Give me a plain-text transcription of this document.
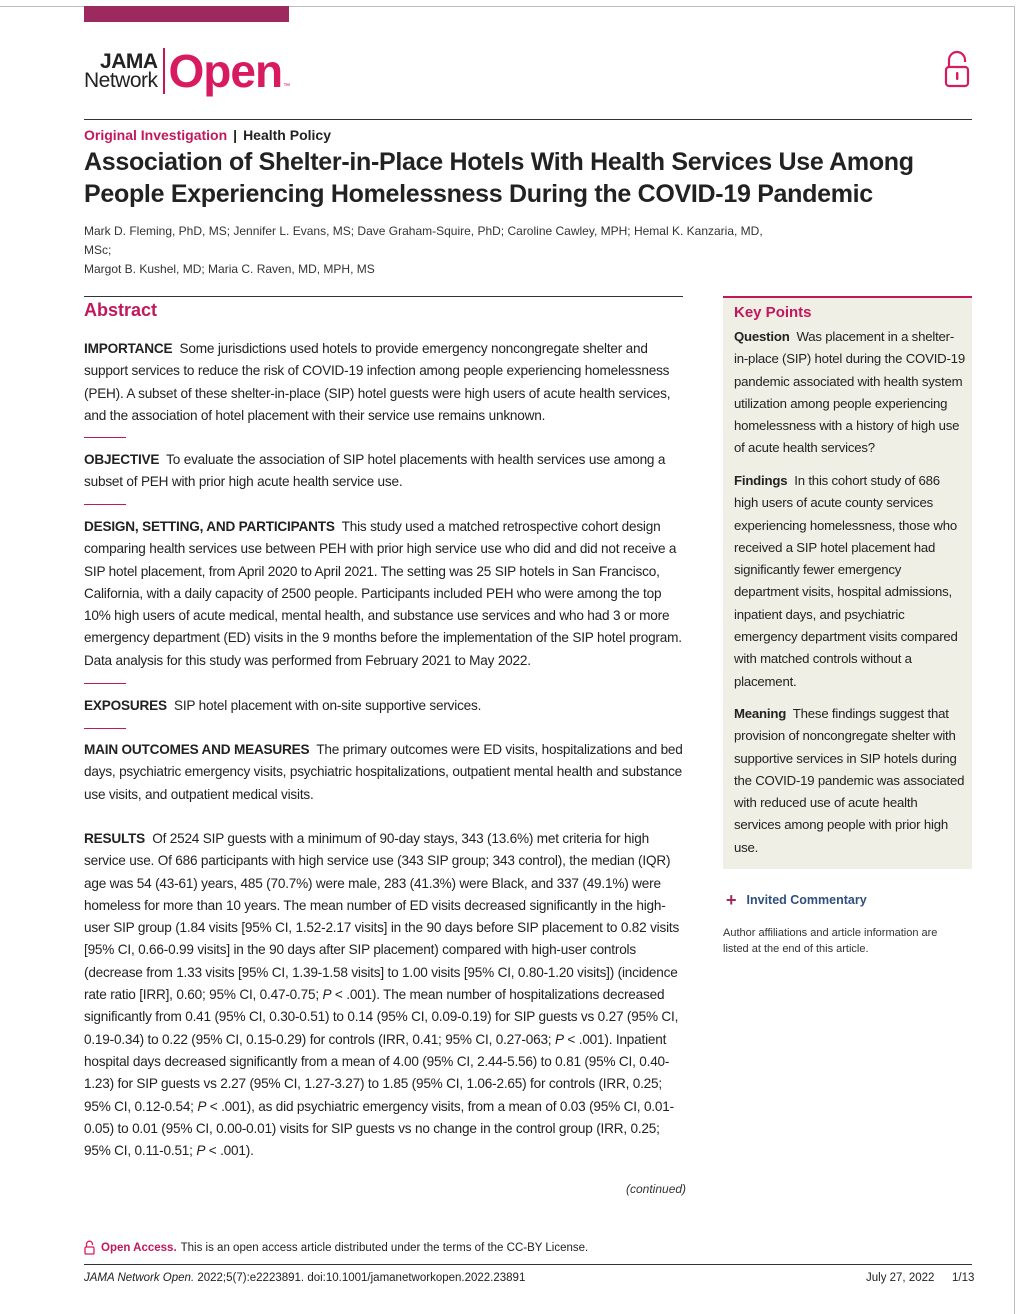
JAMA
Network Open ™
Original Investigation | Health Policy
Association of Shelter-in-Place Hotels With Health Services Use Among People Experiencing Homelessness During the COVID-19 Pandemic
Mark D. Fleming, PhD, MS; Jennifer L. Evans, MS; Dave Graham-Squire, PhD; Caroline Cawley, MPH; Hemal K. Kanzaria, MD, MSc;
Margot B. Kushel, MD; Maria C. Raven, MD, MPH, MS
Abstract

IMPORTANCE Some jurisdictions used hotels to provide emergency noncongregate shelter and support services to reduce the risk of COVID-19 infection among people experiencing homelessness (PEH). A subset of these shelter-in-place (SIP) hotel guests were high users of acute health services, and the association of hotel placement with their service use remains unknown.

OBJECTIVE To evaluate the association of SIP hotel placements with health services use among a subset of PEH with prior high acute health service use.

DESIGN, SETTING, AND PARTICIPANTS This study used a matched retrospective cohort design comparing health services use between PEH with prior high service use who did and did not receive a SIP hotel placement, from April 2020 to April 2021. The setting was 25 SIP hotels in San Francisco, California, with a daily capacity of 2500 people. Participants included PEH who were among the top 10% high users of acute medical, mental health, and substance use services and who had 3 or more emergency department (ED) visits in the 9 months before the implementation of the SIP hotel program. Data analysis for this study was performed from February 2021 to May 2022.

EXPOSURES SIP hotel placement with on-site supportive services.

MAIN OUTCOMES AND MEASURES The primary outcomes were ED visits, hospitalizations and bed days, psychiatric emergency visits, psychiatric hospitalizations, outpatient mental health and substance use visits, and outpatient medical visits.

RESULTS Of 2524 SIP guests with a minimum of 90-day stays, 343 (13.6%) met criteria for high service use. Of 686 participants with high service use (343 SIP group; 343 control), the median (IQR) age was 54 (43-61) years, 485 (70.7%) were male, 283 (41.3%) were Black, and 337 (49.1%) were homeless for more than 10 years. The mean number of ED visits decreased significantly in the high-user SIP group (1.84 visits [95% CI, 1.52-2.17 visits] in the 90 days before SIP placement to 0.82 visits [95% CI, 0.66-0.99 visits] in the 90 days after SIP placement) compared with high-user controls (decrease from 1.33 visits [95% CI, 1.39-1.58 visits] to 1.00 visits [95% CI, 0.80-1.20 visits]) (incidence rate ratio [IRR], 0.60; 95% CI, 0.47-0.75; P < .001). The mean number of hospitalizations decreased significantly from 0.41 (95% CI, 0.30-0.51) to 0.14 (95% CI, 0.09-0.19) for SIP guests vs 0.27 (95% CI, 0.19-0.34) to 0.22 (95% CI, 0.15-0.29) for controls (IRR, 0.41; 95% CI, 0.27-063; P < .001). Inpatient hospital days decreased significantly from a mean of 4.00 (95% CI, 2.44-5.56) to 0.81 (95% CI, 0.40-1.23) for SIP guests vs 2.27 (95% CI, 1.27-3.27) to 1.85 (95% CI, 1.06-2.65) for controls (IRR, 0.25; 95% CI, 0.12-0.54; P < .001), as did psychiatric emergency visits, from a mean of 0.03 (95% CI, 0.01-0.05) to 0.01 (95% CI, 0.00-0.01) visits for SIP guests vs no change in the control group (IRR, 0.25; 95% CI, 0.11-0.51; P < .001).

(continued)
Key Points

Question Was placement in a shelter-in-place (SIP) hotel during the COVID-19 pandemic associated with health system utilization among people experiencing homelessness with a history of high use of acute health services?

Findings In this cohort study of 686 high users of acute county services experiencing homelessness, those who received a SIP hotel placement had significantly fewer emergency department visits, hospital admissions, inpatient days, and psychiatric emergency department visits compared with matched controls without a placement.

Meaning These findings suggest that provision of noncongregate shelter with supportive services in SIP hotels during the COVID-19 pandemic was associated with reduced use of acute health services among people with prior high use.

+ Invited Commentary

Author affiliations and article information are listed at the end of this article.

Open Access. This is an open access article distributed under the terms of the CC-BY License.
JAMA Network Open. 2022;5(7):e2223891. doi:10.1001/jamanetworkopen.2022.23891	July 27, 2022 1/13
